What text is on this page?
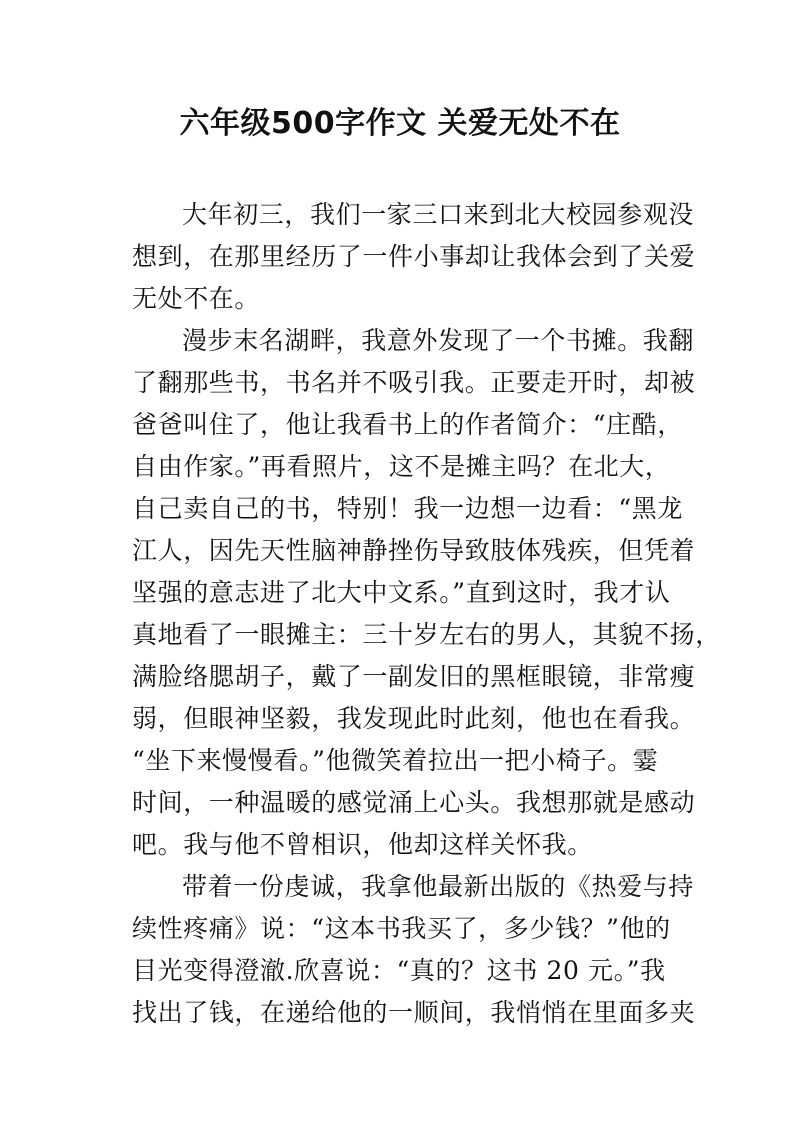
六年级500字作文 关爱无处不在
大年初三，我们一家三口来到北大校园参观没
想到，在那里经历了一件小事却让我体会到了关爱
无处不在。
漫步末名湖畔，我意外发现了一个书摊。我翻
了翻那些书，书名并不吸引我。正要走开时，却被
爸爸叫住了，他让我看书上的作者简介：“庄酷，
自由作家。”再看照片，这不是摊主吗？在北大，
自己卖自己的书，特别！我一边想一边看：“黑龙
江人，因先天性脑神静挫伤导致肢体残疾，但凭着
坚强的意志进了北大中文系。”直到这时，我才认
真地看了一眼摊主：三十岁左右的男人，其貌不扬，
满脸络腮胡子，戴了一副发旧的黑框眼镜，非常瘦
弱，但眼神坚毅，我发现此时此刻，他也在看我。
“坐下来慢慢看。”他微笑着拉出一把小椅子。霎
时间，一种温暖的感觉涌上心头。我想那就是感动
吧。我与他不曾相识，他却这样关怀我。
带着一份虔诚，我拿他最新出版的《热爱与持
续性疼痛》说：“这本书我买了，多少钱？”他的
目光变得澄澈.欣喜说：“真的？这书 20 元。”我
找出了钱，在递给他的一顺间，我悄悄在里面多夹
